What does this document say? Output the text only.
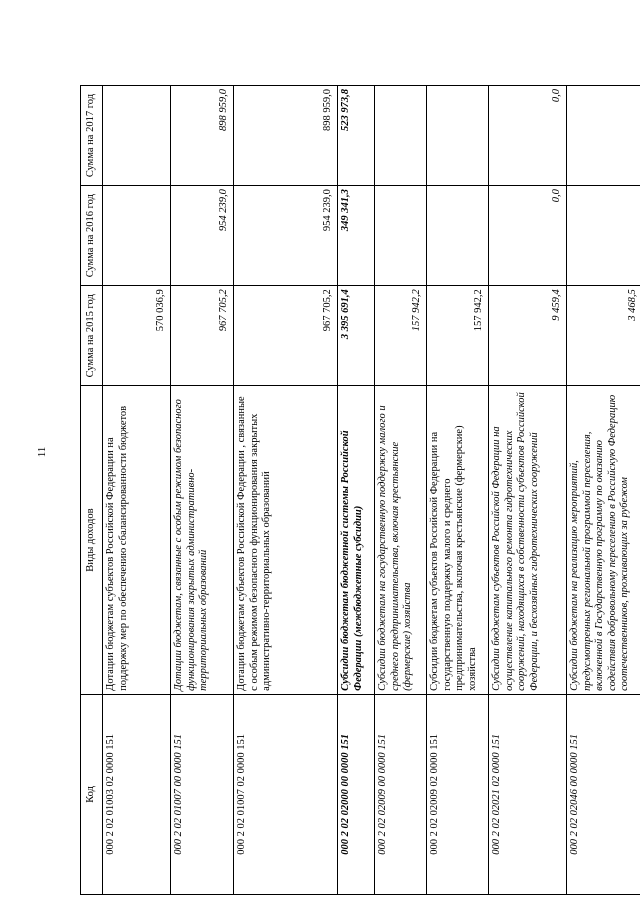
11
Код	Виды доходов	Сумма на 2015 год	Сумма на 2016 год	Сумма на 2017 год
000 2 02 01003 02 0000 151	Дотации бюджетам субъектов Российской Федерации на поддержку мер по обеспечению сбалансированности бюджетов	570 036,9		
000 2 02 01007 00 0000 151	Дотации бюджетам, связанные с особым режимом безопасного функционирования закрытых административно-территориальных образований	967 705,2	954 239,0	898 959,0
000 2 02 01007 02 0000 151	Дотации бюджетам субъектов Российской Федерации , связанные с особым режимом безопасного функционирования закрытых административно-территориальных образований	967 705,2	954 239,0	898 959,0
000 2 02 02000 00 0000 151	Субсидии бюджетам бюджетной системы Российской Федерации (межбюджетные субсидии)	3 395 691,4	349 341,3	523 973,8
000 2 02 02009 00 0000 151	Субсидии бюджетам на государственную поддержку малого и среднего предпринимательства, включая крестьянские (фермерские) хозяйства	157 942,2		
000 2 02 02009 02 0000 151	Субсидии бюджетам субъектов Российской Федерации на государственную поддержку малого и среднего предпринимательства, включая крестьянские (фермерские) хозяйства	157 942,2		
000 2 02 02021 02 0000 151	Субсидии бюджетам субъектов Российской Федерации на осуществление капитального ремонта гидротехнических сооружений, находящихся в собственности субъектов Российской Федерации, и бесхозяйных гидротехнических сооружений	9 459,4	0,0	0,0
000 2 02 02046 00 0000 151	Субсидии бюджетам на реализацию мероприятий, предусмотренных региональной программой переселения, включенной в Государственную программу по оказанию содействия добровольному переселению в Российскую Федерацию соотечественников, проживающих за рубежом	3 468,5		
